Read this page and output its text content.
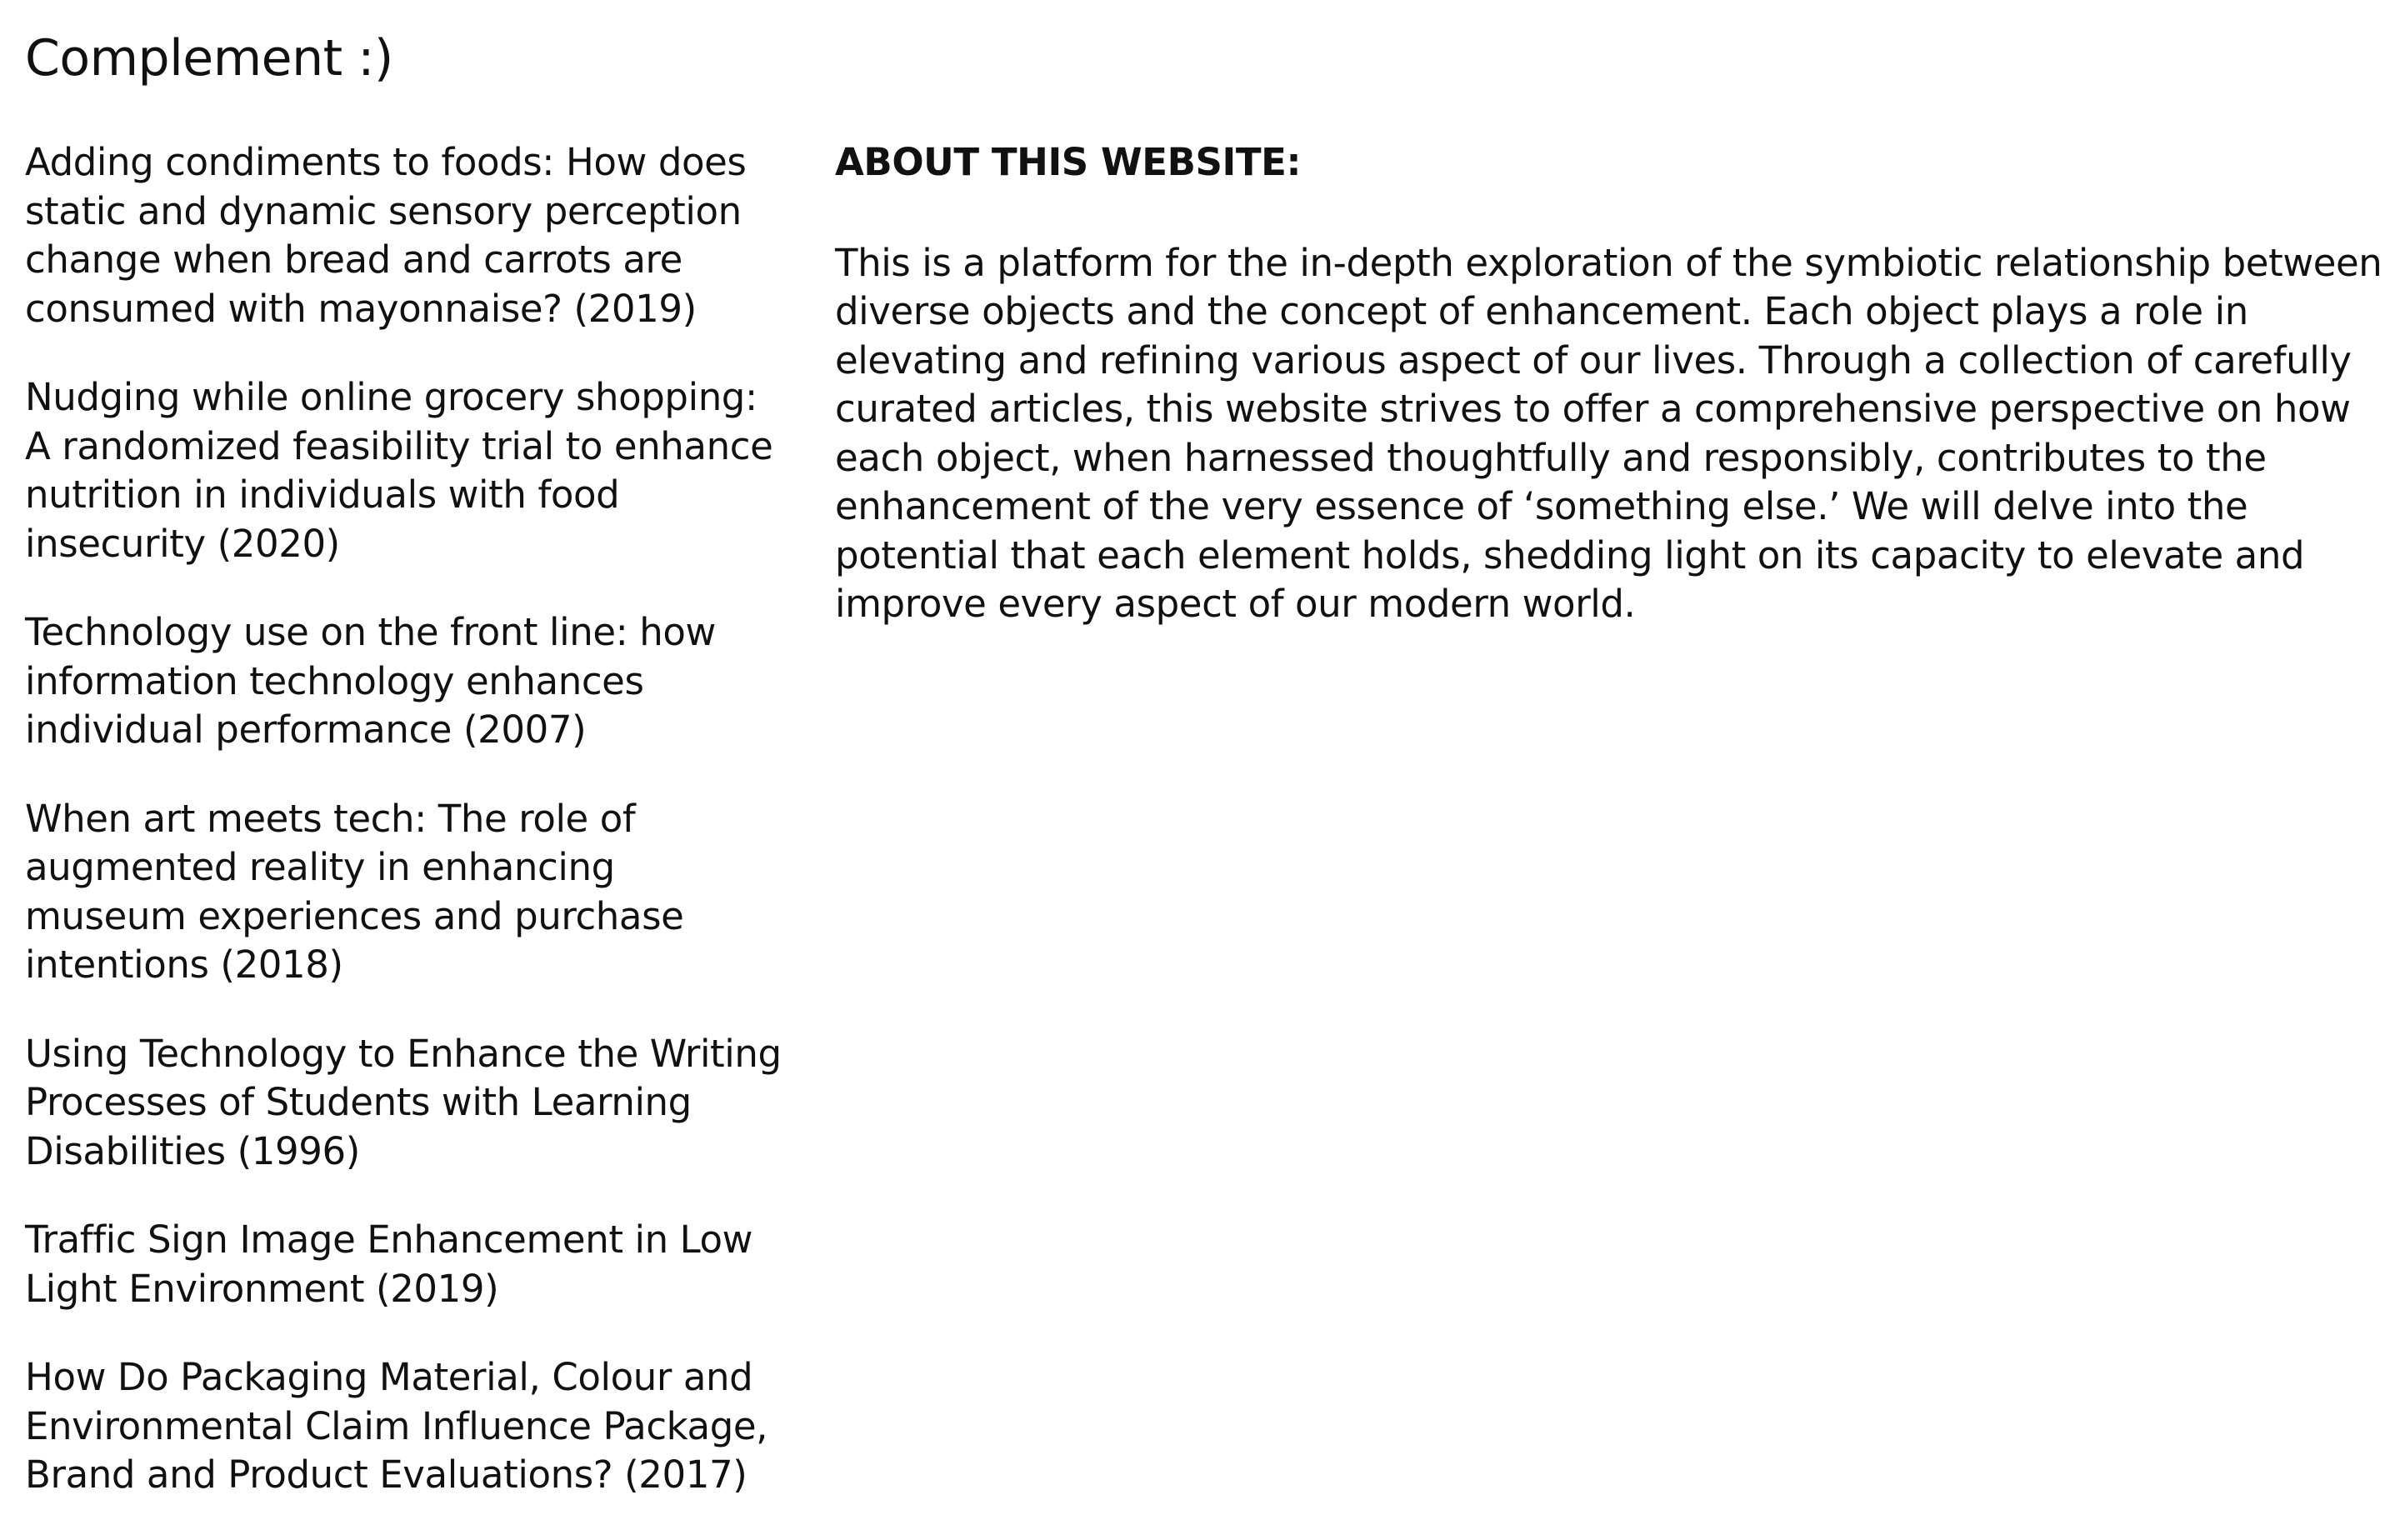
Complement :)
Adding condiments to foods: How does static and dynamic sensory perception change when bread and carrots are consumed with mayonnaise? (2019)
Nudging while online grocery shopping: A randomized feasibility trial to enhance nutrition in individuals with food insecurity (2020)
Technology use on the front line: how information technology enhances individual performance (2007)
When art meets tech: The role of augmented reality in enhancing museum experiences and purchase intentions (2018)
Using Technology to Enhance the Writing Processes of Students with Learning Disabilities (1996)
Traffic Sign Image Enhancement in Low Light Environment (2019)
How Do Packaging Material, Colour and Environmental Claim Influence Package, Brand and Product Evaluations? (2017)
ABOUT THIS WEBSITE:

This is a platform for the in-depth exploration of the symbiotic relationship between diverse objects and the concept of enhancement. Each object plays a role in elevating and refining various aspect of our lives. Through a collection of carefully curated articles, this website strives to offer a comprehensive perspective on how each object, when harnessed thoughtfully and responsibly, contributes to the enhancement of the very essence of ‘something else.’ We will delve into the potential that each element holds, shedding light on its capacity to elevate and improve every aspect of our modern world.
